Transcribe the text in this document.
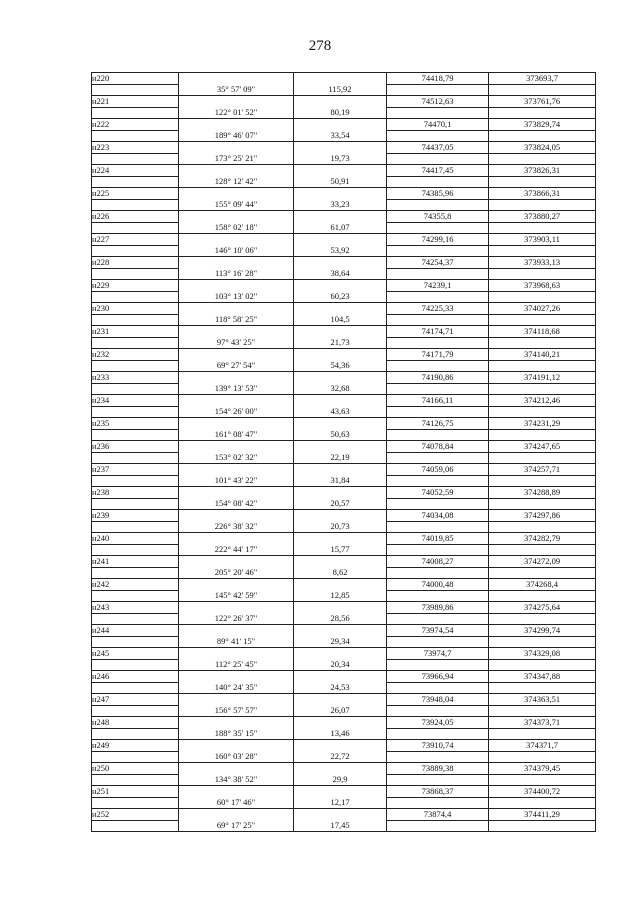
278
н220			74418,79	373693,7
	35° 57' 09"	115,92		
н221			74512,63	373761,76
	122° 01' 52"	80,19		
н222			74470,1	373829,74
	189° 46' 07"	33,54		
н223			74437,05	373824,05
	173° 25' 21"	19,73		
н224			74417,45	373826,31
	128° 12' 42"	50,91		
н225			74385,96	373866,31
	155° 09' 44"	33,23		
н226			74355,8	373880,27
	158° 02' 18"	61,07		
н227			74299,16	373903,11
	146° 10' 06"	53,92		
н228			74254,37	373933,13
	113° 16' 28"	38,64		
н229			74239,1	373968,63
	103° 13' 02"	60,23		
н230			74225,33	374027,26
	118° 58' 25"	104,5		
н231			74174,71	374118,68
	97° 43' 25"	21,73		
н232			74171,79	374140,21
	69° 27' 54"	54,36		
н233			74190,86	374191,12
	139° 13' 53"	32,68		
н234			74166,11	374212,46
	154° 26' 00"	43,63		
н235			74126,75	374231,29
	161° 08' 47"	50,63		
н236			74078,84	374247,65
	153° 02' 32"	22,19		
н237			74059,06	374257,71
	101° 43' 22"	31,84		
н238			74052,59	374288,89
	154° 08' 42"	20,57		
н239			74034,08	374297,86
	226° 38' 32"	20,73		
н240			74019,85	374282,79
	222° 44' 17"	15,77		
н241			74008,27	374272,09
	205° 20' 46"	8,62		
н242			74000,48	374268,4
	145° 42' 59"	12,85		
н243			73989,86	374275,64
	122° 26' 37"	28,56		
н244			73974,54	374299,74
	89° 41' 15"	29,34		
н245			73974,7	374329,08
	112° 25' 45"	20,34		
н246			73966,94	374347,88
	140° 24' 35"	24,53		
н247			73948,04	374363,51
	156° 57' 57"	26,07		
н248			73924,05	374373,71
	188° 35' 15"	13,46		
н249			73910,74	374371,7
	160° 03' 28"	22,72		
н250			73889,38	374379,45
	134° 38' 52"	29,9		
н251			73868,37	374400,72
	60° 17' 46"	12,17		
н252			73874,4	374411,29
	69° 17' 25"	17,45		
